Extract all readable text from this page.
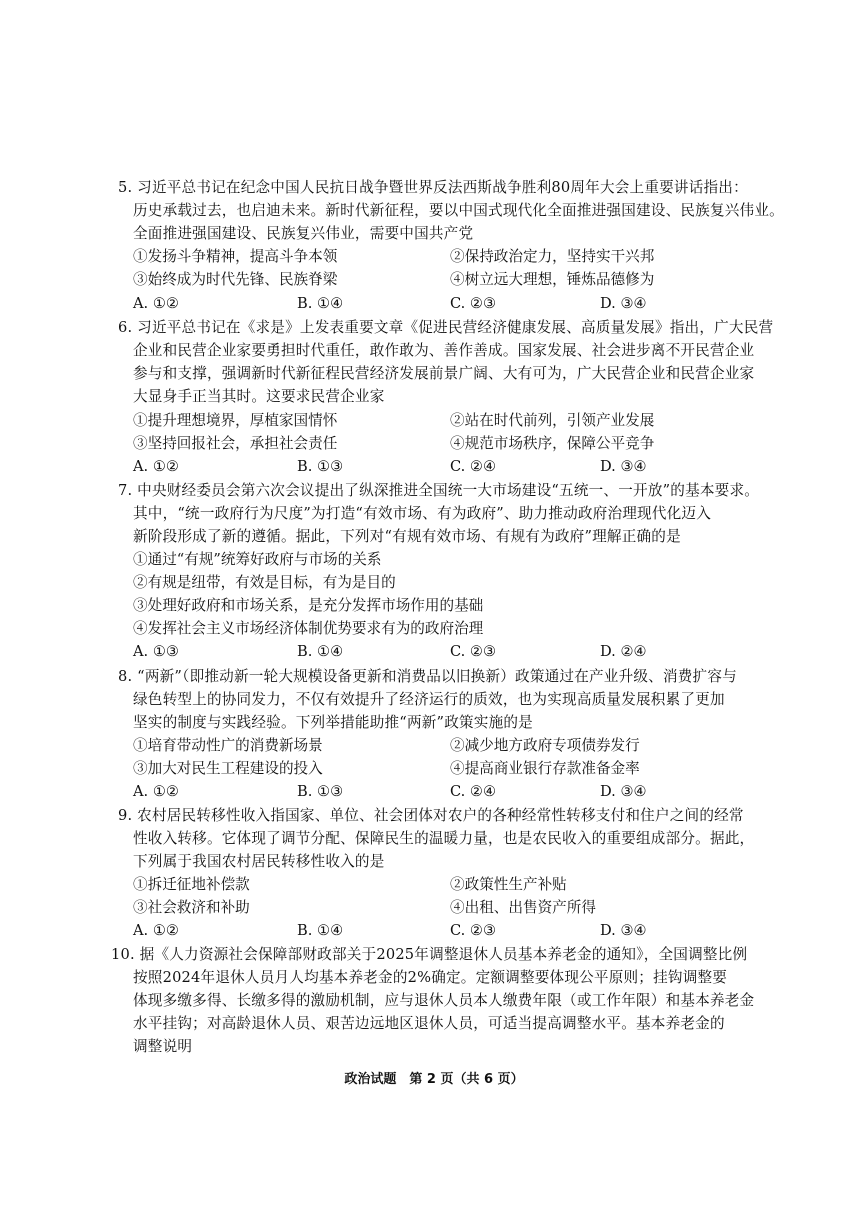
5. 习近平总书记在纪念中国人民抗日战争暨世界反法西斯战争胜利80周年大会上重要讲话指出：
历史承载过去，也启迪未来。新时代新征程，要以中国式现代化全面推进强国建设、民族复兴伟业。
全面推进强国建设、民族复兴伟业，需要中国共产党
①发扬斗争精神，提高斗争本领	②保持政治定力，坚持实干兴邦
③始终成为时代先锋、民族脊梁	④树立远大理想，锤炼品德修为
A. ①②	B. ①④	C. ②③	D. ③④
6. 习近平总书记在《求是》上发表重要文章《促进民营经济健康发展、高质量发展》指出，广大民营
企业和民营企业家要勇担时代重任，敢作敢为、善作善成。国家发展、社会进步离不开民营企业
参与和支撑，强调新时代新征程民营经济发展前景广阔、大有可为，广大民营企业和民营企业家
大显身手正当其时。这要求民营企业家
①提升理想境界，厚植家国情怀	②站在时代前列，引领产业发展
③坚持回报社会，承担社会责任	④规范市场秩序，保障公平竞争
A. ①②	B. ①③	C. ②④	D. ③④
7. 中央财经委员会第六次会议提出了纵深推进全国统一大市场建设“五统一、一开放”的基本要求。
其中，“统一政府行为尺度”为打造“有效市场、有为政府”、助力推动政府治理现代化迈入
新阶段形成了新的遵循。据此，下列对“有规有效市场、有规有为政府”理解正确的是
①通过“有规”统筹好政府与市场的关系
②有规是纽带，有效是目标，有为是目的
③处理好政府和市场关系，是充分发挥市场作用的基础
④发挥社会主义市场经济体制优势要求有为的政府治理
A. ①③	B. ①④	C. ②③	D. ②④
8. “两新”（即推动新一轮大规模设备更新和消费品以旧换新）政策通过在产业升级、消费扩容与
绿色转型上的协同发力，不仅有效提升了经济运行的质效，也为实现高质量发展积累了更加
坚实的制度与实践经验。下列举措能助推“两新”政策实施的是
①培育带动性广的消费新场景	②减少地方政府专项债券发行
③加大对民生工程建设的投入	④提高商业银行存款准备金率
A. ①②	B. ①③	C. ②④	D. ③④
9. 农村居民转移性收入指国家、单位、社会团体对农户的各种经常性转移支付和住户之间的经常
性收入转移。它体现了调节分配、保障民生的温暖力量，也是农民收入的重要组成部分。据此，
下列属于我国农村居民转移性收入的是
①拆迁征地补偿款	②政策性生产补贴
③社会救济和补助	④出租、出售资产所得
A. ①②	B. ①④	C. ②③	D. ③④
10. 据《人力资源社会保障部财政部关于2025年调整退休人员基本养老金的通知》，全国调整比例
按照2024年退休人员月人均基本养老金的2%确定。定额调整要体现公平原则；挂钩调整要
体现多缴多得、长缴多得的激励机制，应与退休人员本人缴费年限（或工作年限）和基本养老金
水平挂钩；对高龄退休人员、艰苦边远地区退休人员，可适当提高调整水平。基本养老金的
调整说明
政治试题　第 2 页（共 6 页）
